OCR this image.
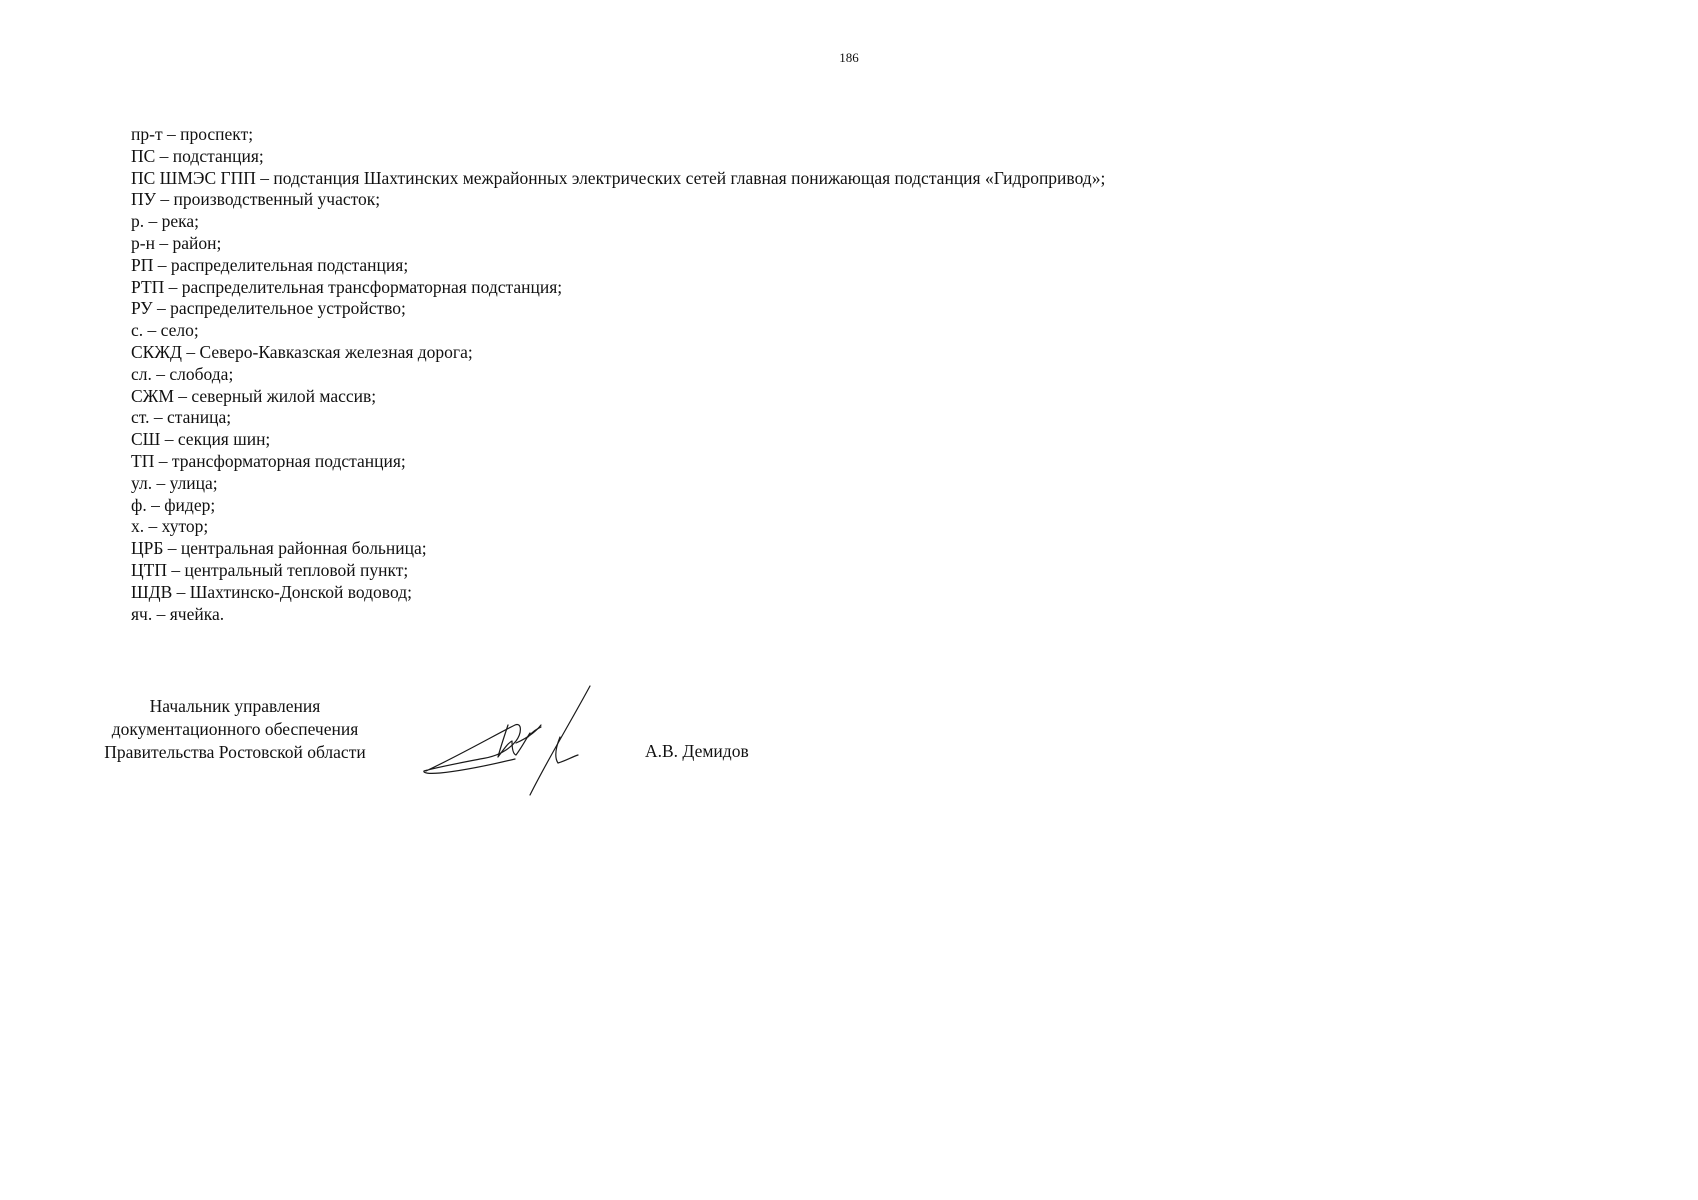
186
пр-т – проспект;
ПС – подстанция;
ПС ШМЭС ГПП – подстанция Шахтинских межрайонных электрических сетей главная понижающая подстанция «Гидропривод»;
ПУ – производственный участок;
р. – река;
р-н – район;
РП – распределительная подстанция;
РТП – распределительная трансформаторная подстанция;
РУ – распределительное устройство;
с. – село;
СКЖД – Северо-Кавказская железная дорога;
сл. – слобода;
СЖМ – северный жилой массив;
ст. – станица;
СШ – секция шин;
ТП – трансформаторная подстанция;
ул. – улица;
ф. – фидер;
х. – хутор;
ЦРБ – центральная районная больница;
ЦТП – центральный тепловой пункт;
ШДВ – Шахтинско-Донской водовод;
яч. – ячейка.
Начальник управления
документационного обеспечения
Правительства Ростовской области	А.В. Демидов
